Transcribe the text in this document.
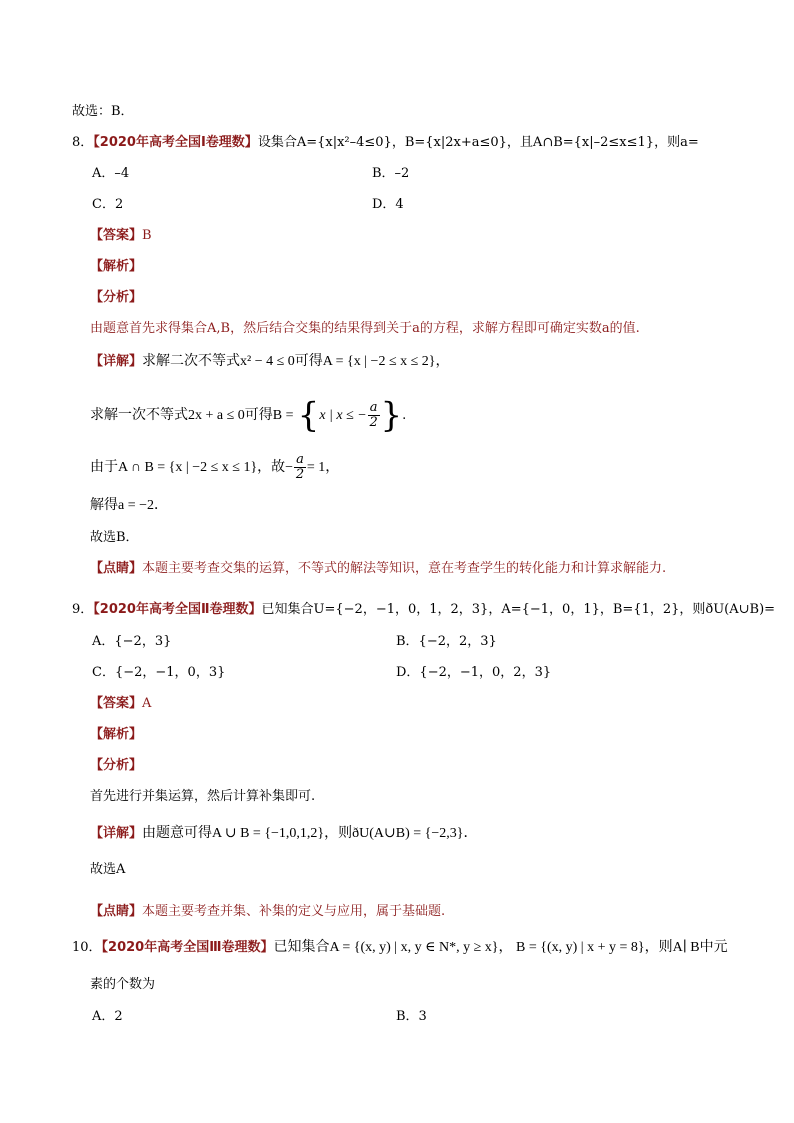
故选：B．
8．【2020年高考全国Ⅰ卷理数】设集合A={x|x²–4≤0}，B={x|2x+a≤0}，且A∩B={x|–2≤x≤1}，则a=
A．–4	B．–2
C．2	D．4
【答案】B
【解析】
【分析】
由题意首先求得集合A,B，然后结合交集的结果得到关于a的方程，求解方程即可确定实数a的值.
【详解】求解二次不等式x² − 4 ≤ 0可得A = {x | −2 ≤ x ≤ 2}，
求解一次不等式2x + a ≤ 0可得B = {x | x ≤ − $\frac{a}{2}$ }.
由于A ∩ B = {x | −2 ≤ x ≤ 1}，故− $\frac{a}{2} = 1$，
解得a = −2．
故选B．
【点睛】本题主要考查交集的运算，不等式的解法等知识，意在考查学生的转化能力和计算求解能力.
9．【2020年高考全国Ⅱ卷理数】已知集合U={−2，−1，0，1，2，3}，A={−1，0，1}，B={1，2}，则ðU(A∪B)=
A．{−2，3}	B．{−2，2，3}
C．{−2，−1，0，3}	D．{−2，−1，0，2，3}
【答案】A
【解析】
【分析】
首先进行并集运算，然后计算补集即可.
【详解】由题意可得A ∪ B = {−1,0,1,2}，则ðU(A∪B) = {−2,3}．
故选A
【点睛】本题主要考查并集、补集的定义与应用，属于基础题.
10．【2020年高考全国Ⅲ卷理数】已知集合A = {(x, y) | x, y ∈ N*, y ≥ x}， B = {(x, y) | x + y = 8}，则A∣ B中元
素的个数为
A．2	B．3
